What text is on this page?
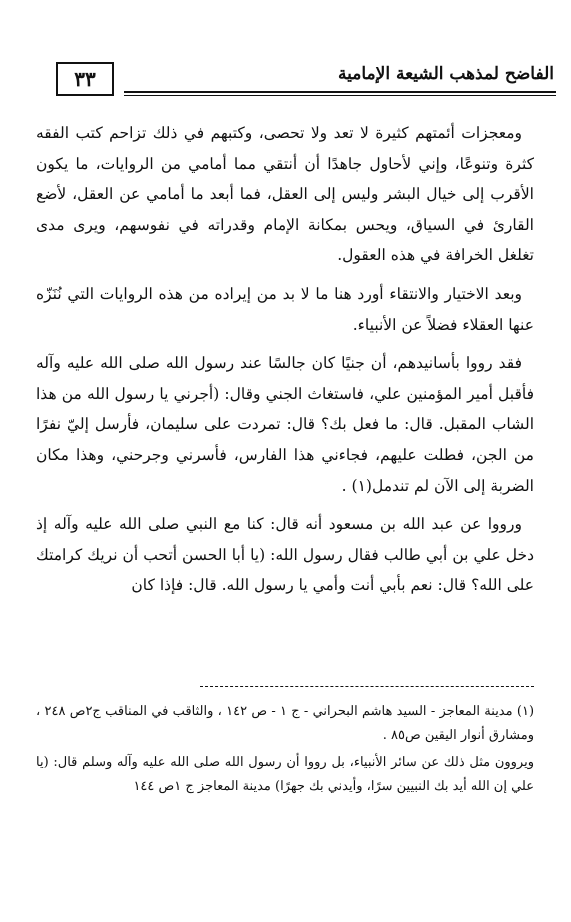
٣٣	الفاضح لمذهب الشيعة الإمامية

ومعجزات أئمتهم كثيرة لا تعد ولا تحصى، وكتبهم في ذلك تزاحم كتب الفقه كثرة وتنوعًا، وإني لأحاول جاهدًا أن أنتقي مما أمامي من الروايات، ما يكون الأقرب إلى خيال البشر وليس إلى العقل، فما أبعد ما أمامي عن العقل، لأضع القارئ في السياق، ويحس بمكانة الإمام وقدراته في نفوسهم، ويرى مدى تغلغل الخرافة في هذه العقول.

وبعد الاختيار والانتقاء أورد هنا ما لا بد من إيراده من هذه الروايات التي نُنَزّه عنها العقلاء فضلاً عن الأنبياء.

فقد رووا بأسانيدهم، أن جنيًا كان جالسًا عند رسول الله صلى الله عليه وآله فأقبل أمير المؤمنين علي، فاستغاث الجني وقال: (أجرني يا رسول الله من هذا الشاب المقبل. قال: ما فعل بك؟ قال: تمردت على سليمان، فأرسل إليّ نفرًا من الجن، فطلت عليهم، فجاءني هذا الفارس، فأسرني وجرحني، وهذا مكان الضربة إلى الآن لم تندمل(١) .

ورووا عن عبد الله بن مسعود أنه قال: كنا مع النبي صلى الله عليه وآله إذ دخل علي بن أبي طالب فقال رسول الله: (يا أبا الحسن أتحب أن نريك كرامتك على الله؟ قال: نعم بأبي أنت وأمي يا رسول الله. قال: فإذا كان

(١) مدينة المعاجز - السيد هاشم البحراني - ج ١ - ص ١٤٢ ، والثاقب في المناقب ج٢ص ٢٤٨ ، ومشارق أنوار اليقين ص٨٥ .

ويروون مثل ذلك عن سائر الأنبياء، بل رووا أن رسول الله صلى الله عليه وآله وسلم قال: (يا علي إن الله أيد بك النبيين سرًا، وأيدني بك جهرًا) مدينة المعاجز ج ١ص ١٤٤
